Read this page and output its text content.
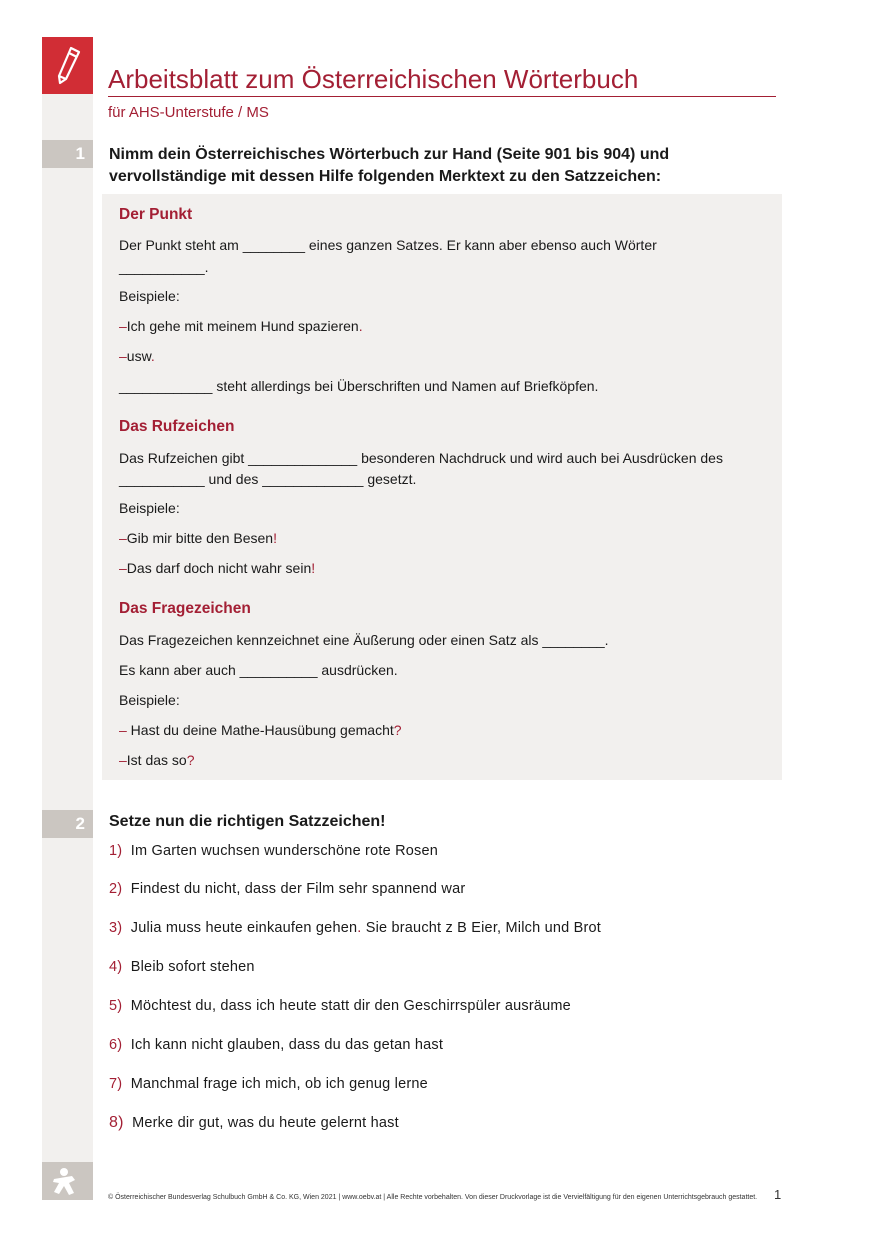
Arbeitsblatt zum Österreichischen Wörterbuch
für AHS-Unterstufe / MS
1	Nimm dein Österreichisches Wörterbuch zur Hand (Seite 901 bis 904) und
vervollständige mit dessen Hilfe folgenden Merktext zu den Satzzeichen:
Der Punkt
Der Punkt steht am ________ eines ganzen Satzes. Er kann aber ebenso auch Wörter
___________.
Beispiele:
–Ich gehe mit meinem Hund spazieren.
–usw.
____________ steht allerdings bei Überschriften und Namen auf Briefköpfen.
Das Rufzeichen
Das Rufzeichen gibt ______________ besonderen Nachdruck und wird auch bei Ausdrücken des
___________ und des _____________ gesetzt.
Beispiele:
–Gib mir bitte den Besen!
–Das darf doch nicht wahr sein!
Das Fragezeichen
Das Fragezeichen kennzeichnet eine Äußerung oder einen Satz als ________.
Es kann aber auch __________ ausdrücken.
Beispiele:
– Hast du deine Mathe-Hausübung gemacht?
–Ist das so?
2	Setze nun die richtigen Satzzeichen!
1) Im Garten wuchsen wunderschöne rote Rosen
2) Findest du nicht, dass der Film sehr spannend war
3) Julia muss heute einkaufen gehen. Sie braucht z B Eier, Milch und Brot
4) Bleib sofort stehen
5) Möchtest du, dass ich heute statt dir den Geschirrspüler ausräume
6) Ich kann nicht glauben, dass du das getan hast
7) Manchmal frage ich mich, ob ich genug lerne
8) Merke dir gut, was du heute gelernt hast
© Österreichischer Bundesverlag Schulbuch GmbH & Co. KG, Wien 2021 | www.oebv.at | Alle Rechte vorbehalten. Von dieser Druckvorlage ist die Vervielfältigung für den eigenen Unterrichtsgebrauch gestattet. 1
